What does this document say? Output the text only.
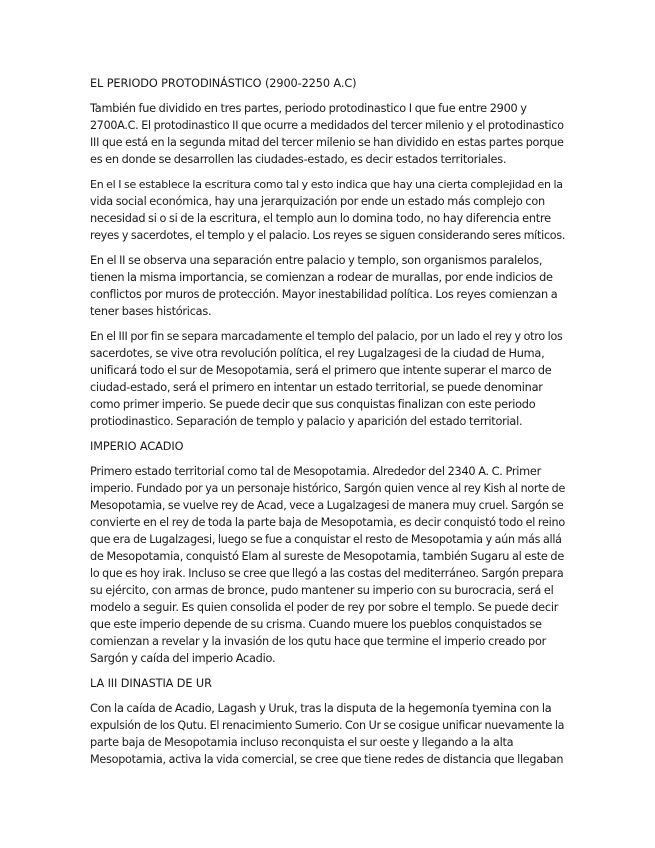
EL PERIODO PROTODINÁSTICO (2900-2250 A.C)
También fue dividido en tres partes, periodo protodinastico I que fue entre 2900 y
2700A.C. El protodinastico II que ocurre a medidados del tercer milenio y el protodinastico
III que está en la segunda mitad del tercer milenio se han dividido en estas partes porque
es en donde se desarrollen las ciudades-estado, es decir estados territoriales.
En el I se establece la escritura como tal y esto indica que hay una cierta complejidad en la
vida social económica, hay una jerarquización por ende un estado más complejo con
necesidad si o si de la escritura, el templo aun lo domina todo, no hay diferencia entre
reyes y sacerdotes, el templo y el palacio. Los reyes se siguen considerando seres míticos.
En el II se observa una separación entre palacio y templo, son organismos paralelos,
tienen la misma importancia, se comienzan a rodear de murallas, por ende indicios de
conflictos por muros de protección. Mayor inestabilidad política. Los reyes comienzan a
tener bases históricas.
En el III por fin se separa marcadamente el templo del palacio, por un lado el rey y otro los
sacerdotes, se vive otra revolución política, el rey Lugalzagesi de la ciudad de Huma,
unificará todo el sur de Mesopotamia, será el primero que intente superar el marco de
ciudad-estado, será el primero en intentar un estado territorial, se puede denominar
como primer imperio. Se puede decir que sus conquistas finalizan con este periodo
protiodinastico. Separación de templo y palacio y aparición del estado territorial.
IMPERIO ACADIO
Primero estado territorial como tal de Mesopotamia. Alrededor del 2340 A. C. Primer
imperio. Fundado por ya un personaje histórico, Sargón quien vence al rey Kish al norte de
Mesopotamia, se vuelve rey de Acad, vece a Lugalzagesi de manera muy cruel. Sargón se
convierte en el rey de toda la parte baja de Mesopotamia, es decir conquistó todo el reino
que era de Lugalzagesi, luego se fue a conquistar el resto de Mesopotamia y aún más allá
de Mesopotamia, conquistó Elam al sureste de Mesopotamia, también Sugaru al este de
lo que es hoy irak. Incluso se cree que llegó a las costas del mediterráneo. Sargón prepara
su ejército, con armas de bronce, pudo mantener su imperio con su burocracia, será el
modelo a seguir. Es quien consolida el poder de rey por sobre el templo. Se puede decir
que este imperio depende de su crisma. Cuando muere los pueblos conquistados se
comienzan a revelar y la invasión de los qutu hace que termine el imperio creado por
Sargón y caída del imperio Acadio.
LA III DINASTIA DE UR
Con la caída de Acadio, Lagash y Uruk, tras la disputa de la hegemonía tyemina con la
expulsión de los Qutu. El renacimiento Sumerio. Con Ur se cosigue unificar nuevamente la
parte baja de Mesopotamia incluso reconquista el sur oeste y llegando a la alta
Mesopotamia, activa la vida comercial, se cree que tiene redes de distancia que llegaban
